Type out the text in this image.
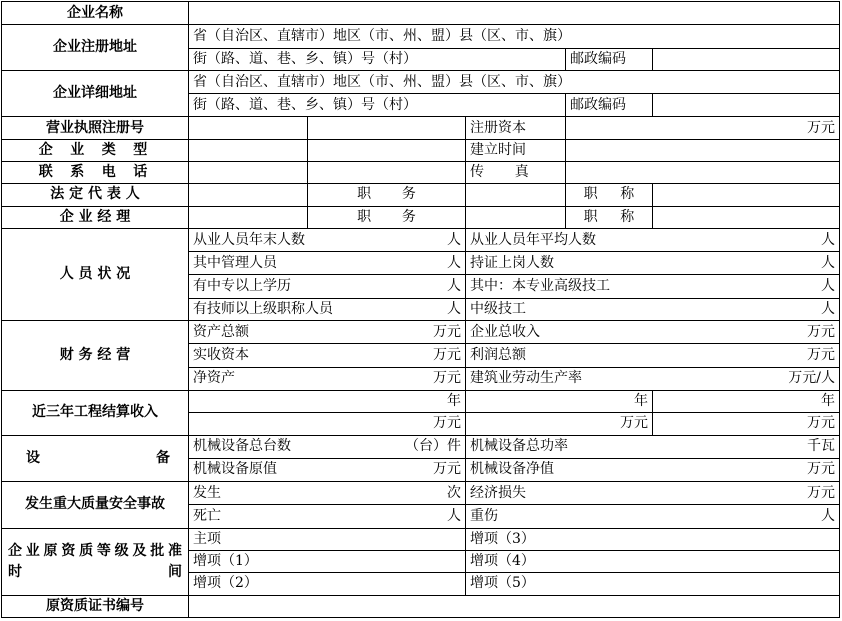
企业名称					
企业注册地址	省（自治区、直辖市）地区（市、州、盟）县（区、市、旗）				
	街（路、道、巷、乡、镇）号（村）			邮政编码	
企业详细地址	省（自治区、直辖市）地区（市、州、盟）县（区、市、旗）				
	街（路、道、巷、乡、镇）号（村）			邮政编码	
营业执照注册号			注册资本	万元	
企 业 类 型			建立时间		
联 系 电 话			传 真		
法 定 代 表 人		职 务		职 称	
企 业 经 理		职 务		职 称	
人 员 状 况	从业人员年末人数 人		从业人员年平均人数 人		

	其中管理人员 人		持证上岗人数 人		

	有中专以上学历 人		其中：本专业高级技工 人		

	有技师以上级职称人员 人		中级技工 人		

财 务 经 营	资产总额 万元		企业总收入 万元		

	实收资本 万元		利润总额 万元		

	净资产 万元		建筑业劳动生产率 万元/人		

近三年工程结算收入	年		年		年
	万元		万元		万元

设 备	机械设备总台数 （台）件		机械设备总功率 千瓦		

	机械设备原值 万元		机械设备净值 万元		

发生重大质量安全事故	发生 次		经济损失 万元		

	死亡 人		重伤 人		

企业原资质等级及批准
时间	主项		增项（3）		
	增项（1）		增项（4）		
	增项（2）		增项（5）		
原资质证书编号					
